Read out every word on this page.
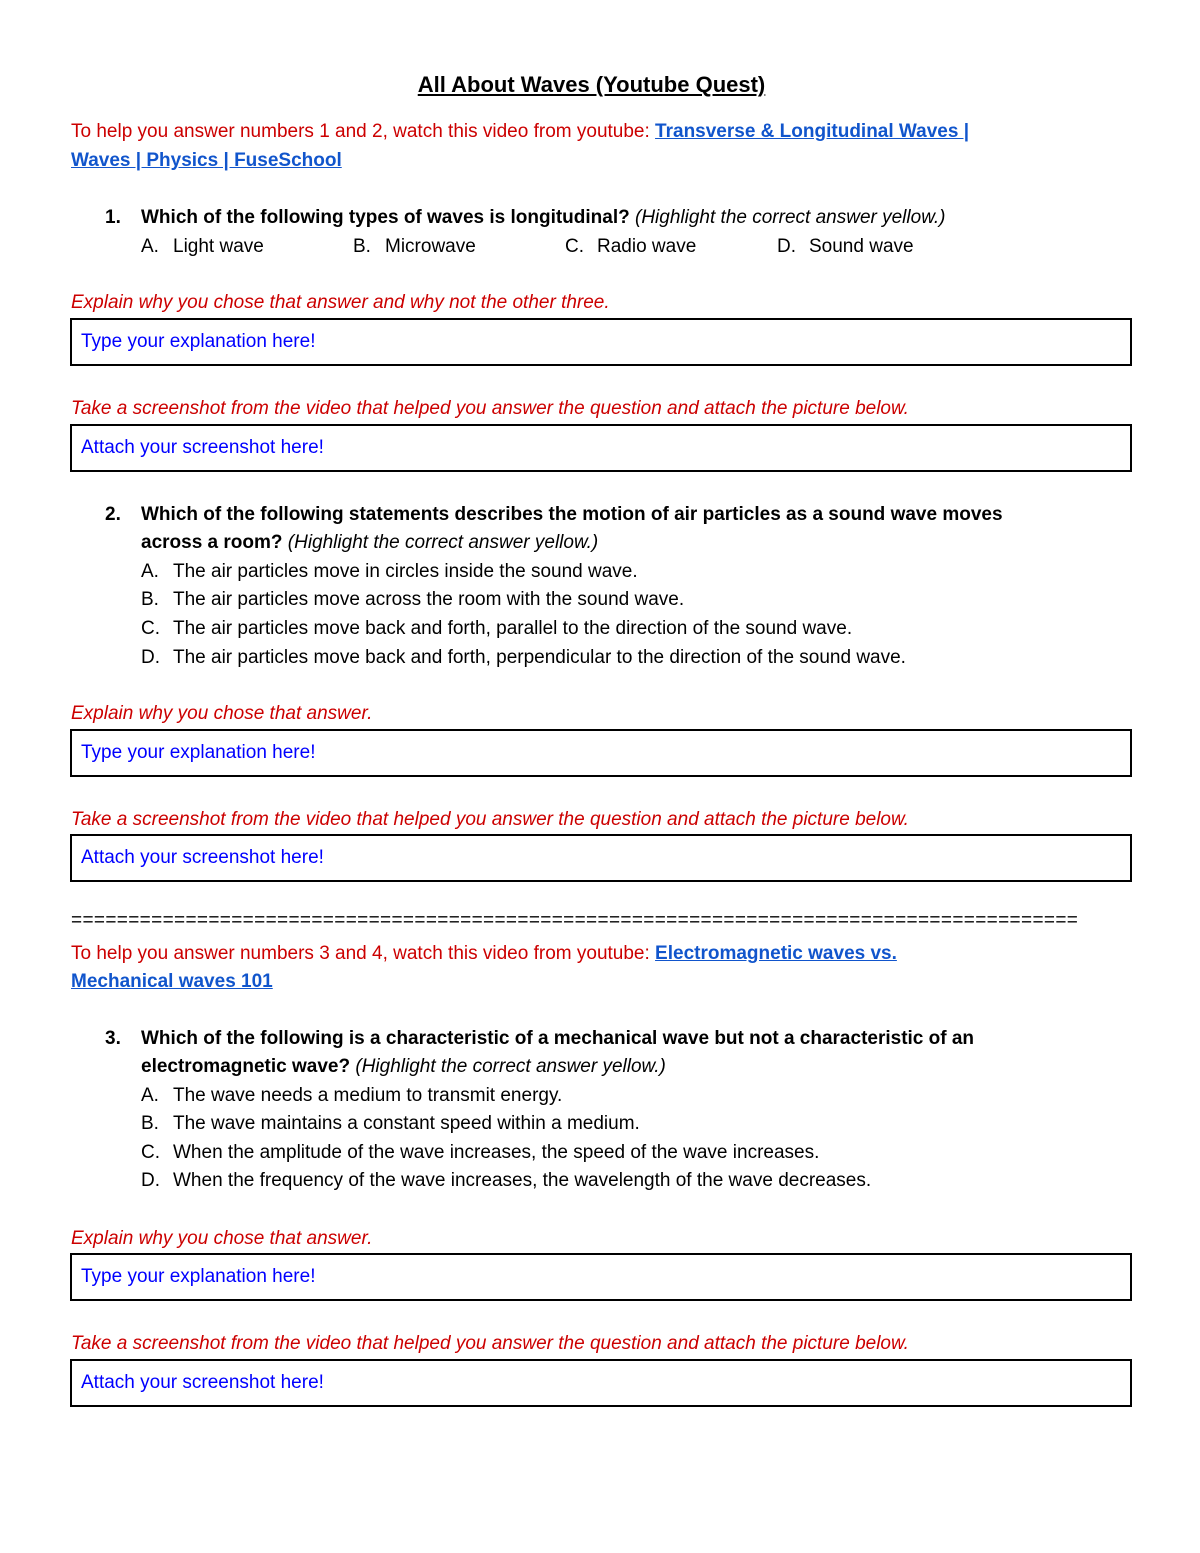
All About Waves (Youtube Quest)
To help you answer numbers 1 and 2, watch this video from youtube: Transverse & Longitudinal Waves |
Waves | Physics | FuseSchool
1. Which of the following types of waves is longitudinal? (Highlight the correct answer yellow.)
A. Light wave	B. Microwave	C. Radio wave	D. Sound wave
Explain why you chose that answer and why not the other three.
Type your explanation here!
Take a screenshot from the video that helped you answer the question and attach the picture below.
Attach your screenshot here!
2. Which of the following statements describes the motion of air particles as a sound wave moves
across a room? (Highlight the correct answer yellow.)
A. The air particles move in circles inside the sound wave.
B. The air particles move across the room with the sound wave.
C. The air particles move back and forth, parallel to the direction of the sound wave.
D. The air particles move back and forth, perpendicular to the direction of the sound wave.
Explain why you chose that answer.
Type your explanation here!
Take a screenshot from the video that helped you answer the question and attach the picture below.
Attach your screenshot here!
========================================================================================
To help you answer numbers 3 and 4, watch this video from youtube: Electromagnetic waves vs.
Mechanical waves 101
3. Which of the following is a characteristic of a mechanical wave but not a characteristic of an
electromagnetic wave? (Highlight the correct answer yellow.)
A. The wave needs a medium to transmit energy.
B. The wave maintains a constant speed within a medium.
C. When the amplitude of the wave increases, the speed of the wave increases.
D. When the frequency of the wave increases, the wavelength of the wave decreases.
Explain why you chose that answer.
Type your explanation here!
Take a screenshot from the video that helped you answer the question and attach the picture below.
Attach your screenshot here!
